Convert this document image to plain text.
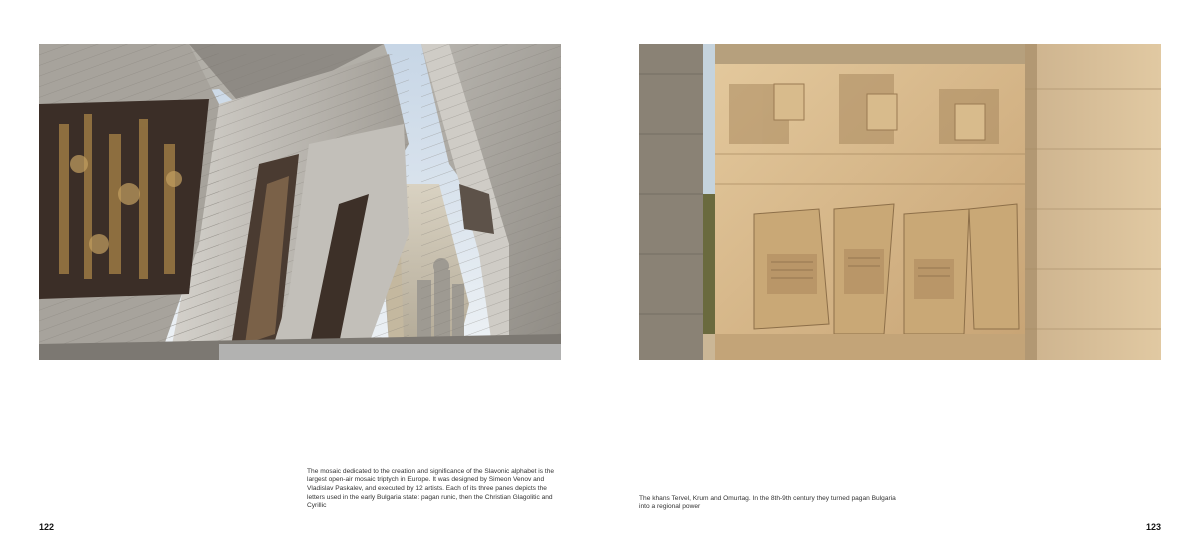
The mosaic dedicated to the creation and significance of the Slavonic alphabet is the largest open-air mosaic triptych in Europe. It was designed by Simeon Venov and Vladislav Paskalev, and executed by 12 artists. Each of its three panes depicts the letters used in the early Bulgaria state: pagan runic, then the Christian Glagolitic and Cyrillic

The khans Tervel, Krum and Omurtag. In the 8th-9th century they turned pagan Bulgaria into a regional power

122	123
